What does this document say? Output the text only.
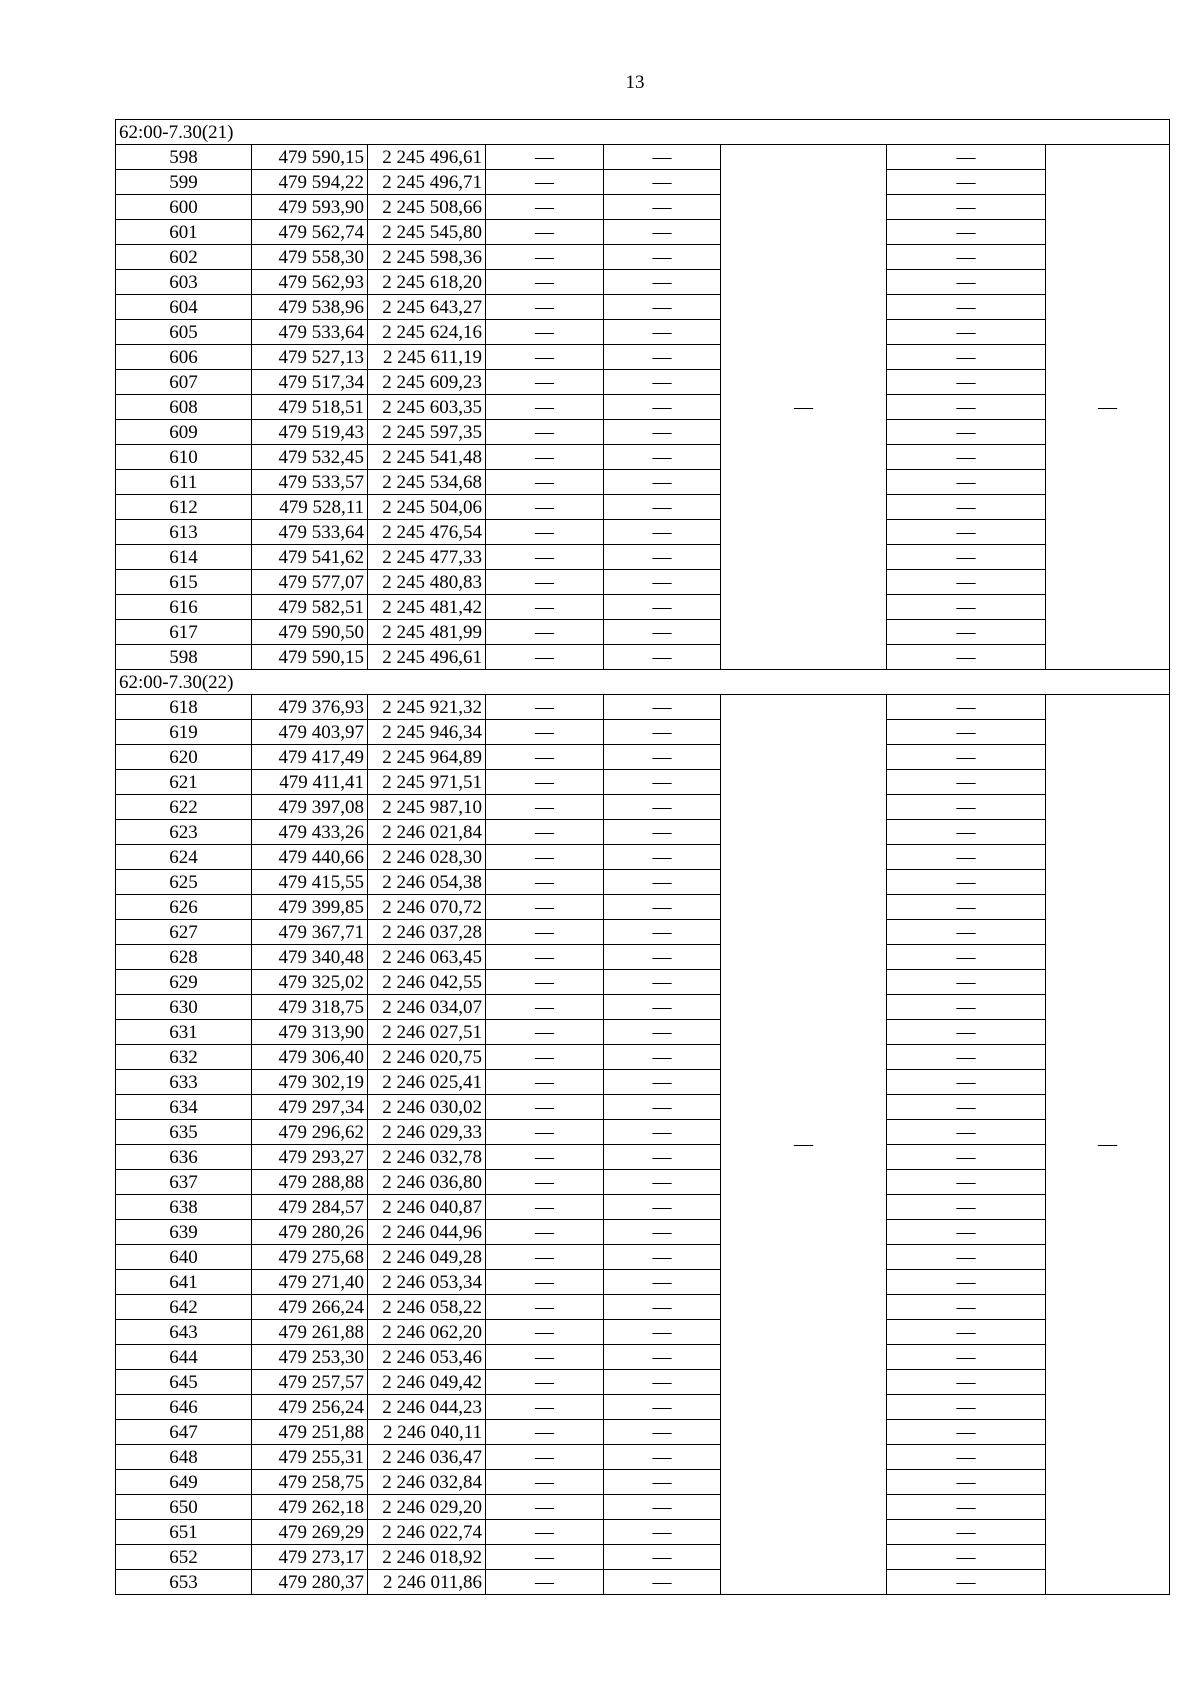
13
62:00-7.30(21)							
598	479 590,15	2 245 496,61	—	—	—	—	—
599	479 594,22	2 245 496,71	—	—		—	
600	479 593,90	2 245 508,66	—	—		—	
601	479 562,74	2 245 545,80	—	—		—	
602	479 558,30	2 245 598,36	—	—		—	
603	479 562,93	2 245 618,20	—	—		—	
604	479 538,96	2 245 643,27	—	—		—	
605	479 533,64	2 245 624,16	—	—		—	
606	479 527,13	2 245 611,19	—	—		—	
607	479 517,34	2 245 609,23	—	—		—	
608	479 518,51	2 245 603,35	—	—		—	
609	479 519,43	2 245 597,35	—	—		—	
610	479 532,45	2 245 541,48	—	—		—	
611	479 533,57	2 245 534,68	—	—		—	
612	479 528,11	2 245 504,06	—	—		—	
613	479 533,64	2 245 476,54	—	—		—	
614	479 541,62	2 245 477,33	—	—		—	
615	479 577,07	2 245 480,83	—	—		—	
616	479 582,51	2 245 481,42	—	—		—	
617	479 590,50	2 245 481,99	—	—		—	
598	479 590,15	2 245 496,61	—	—		—	
62:00-7.30(22)							
618	479 376,93	2 245 921,32	—	—	—	—	—
619	479 403,97	2 245 946,34	—	—		—	
620	479 417,49	2 245 964,89	—	—		—	
621	479 411,41	2 245 971,51	—	—		—	
622	479 397,08	2 245 987,10	—	—		—	
623	479 433,26	2 246 021,84	—	—		—	
624	479 440,66	2 246 028,30	—	—		—	
625	479 415,55	2 246 054,38	—	—		—	
626	479 399,85	2 246 070,72	—	—		—	
627	479 367,71	2 246 037,28	—	—		—	
628	479 340,48	2 246 063,45	—	—		—	
629	479 325,02	2 246 042,55	—	—		—	
630	479 318,75	2 246 034,07	—	—		—	
631	479 313,90	2 246 027,51	—	—		—	
632	479 306,40	2 246 020,75	—	—		—	
633	479 302,19	2 246 025,41	—	—		—	
634	479 297,34	2 246 030,02	—	—		—	
635	479 296,62	2 246 029,33	—	—		—	
636	479 293,27	2 246 032,78	—	—		—	
637	479 288,88	2 246 036,80	—	—		—	
638	479 284,57	2 246 040,87	—	—		—	
639	479 280,26	2 246 044,96	—	—		—	
640	479 275,68	2 246 049,28	—	—		—	
641	479 271,40	2 246 053,34	—	—		—	
642	479 266,24	2 246 058,22	—	—		—	
643	479 261,88	2 246 062,20	—	—		—	
644	479 253,30	2 246 053,46	—	—		—	
645	479 257,57	2 246 049,42	—	—		—	
646	479 256,24	2 246 044,23	—	—		—	
647	479 251,88	2 246 040,11	—	—		—	
648	479 255,31	2 246 036,47	—	—		—	
649	479 258,75	2 246 032,84	—	—		—	
650	479 262,18	2 246 029,20	—	—		—	
651	479 269,29	2 246 022,74	—	—		—	
652	479 273,17	2 246 018,92	—	—		—	
653	479 280,37	2 246 011,86	—	—		—	
